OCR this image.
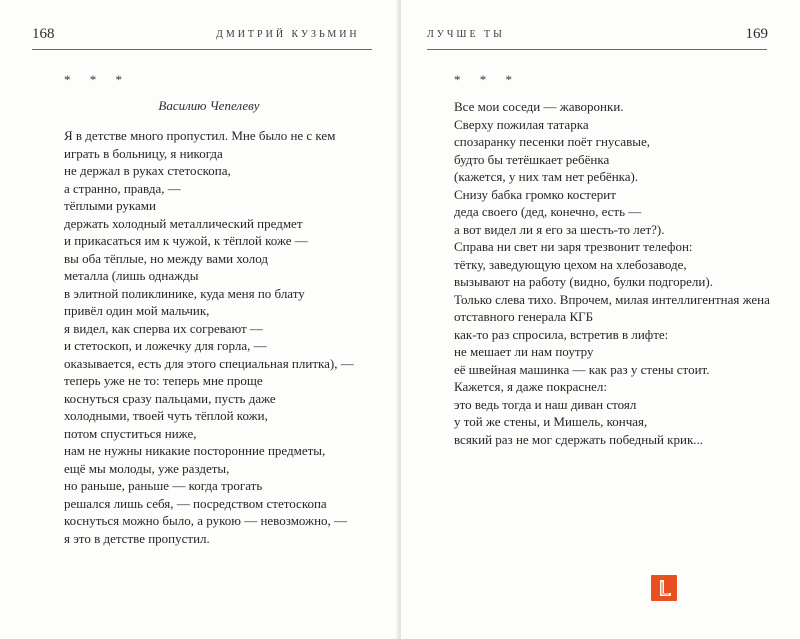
168	ДМИТРИЙ КУЗЬМИН
* * *
Василию Чепелеву
Я в детстве много пропустил. Мне было не с кем
играть в больницу, я никогда
не держал в руках стетоскопа,
а странно, правда, —
тёплыми руками
держать холодный металлический предмет
и прикасаться им к чужой, к тёплой коже —
вы оба тёплые, но между вами холод
металла (лишь однажды
в элитной поликлинике, куда меня по блату
привёл один мой мальчик,
я видел, как сперва их согревают —
и стетоскоп, и ложечку для горла, —
оказывается, есть для этого специальная плитка), —
теперь уже не то: теперь мне проще
коснуться сразу пальцами, пусть даже
холодными, твоей чуть тёплой кожи,
потом спуститься ниже,
нам не нужны никакие посторонние предметы,
ещё мы молоды, уже раздеты,
но раньше, раньше — когда трогать
решался лишь себя, — посредством стетоскопа
коснуться можно было, а рукою — невозможно, —
я это в детстве пропустил.
ЛУЧШЕ ТЫ	169
* * *
Все мои соседи — жаворонки.
Сверху пожилая татарка
спозаранку песенки поёт гнусавые,
будто бы тетёшкает ребёнка
(кажется, у них там нет ребёнка).
Снизу бабка громко костерит
деда своего (дед, конечно, есть —
а вот видел ли я его за шесть-то лет?).
Справа ни свет ни заря трезвонит телефон:
тётку, заведующую цехом на хлебозаводе,
вызывают на работу (видно, булки подгорели).
Только слева тихо. Впрочем, милая интеллигентная жена
отставного генерала КГБ
как-то раз спросила, встретив в лифте:
не мешает ли нам поутру
её швейная машинка — как раз у стены стоит.
Кажется, я даже покраснел:
это ведь тогда и наш диван стоял
у той же стены, и Мишель, кончая,
всякий раз не мог сдержать победный крик...
